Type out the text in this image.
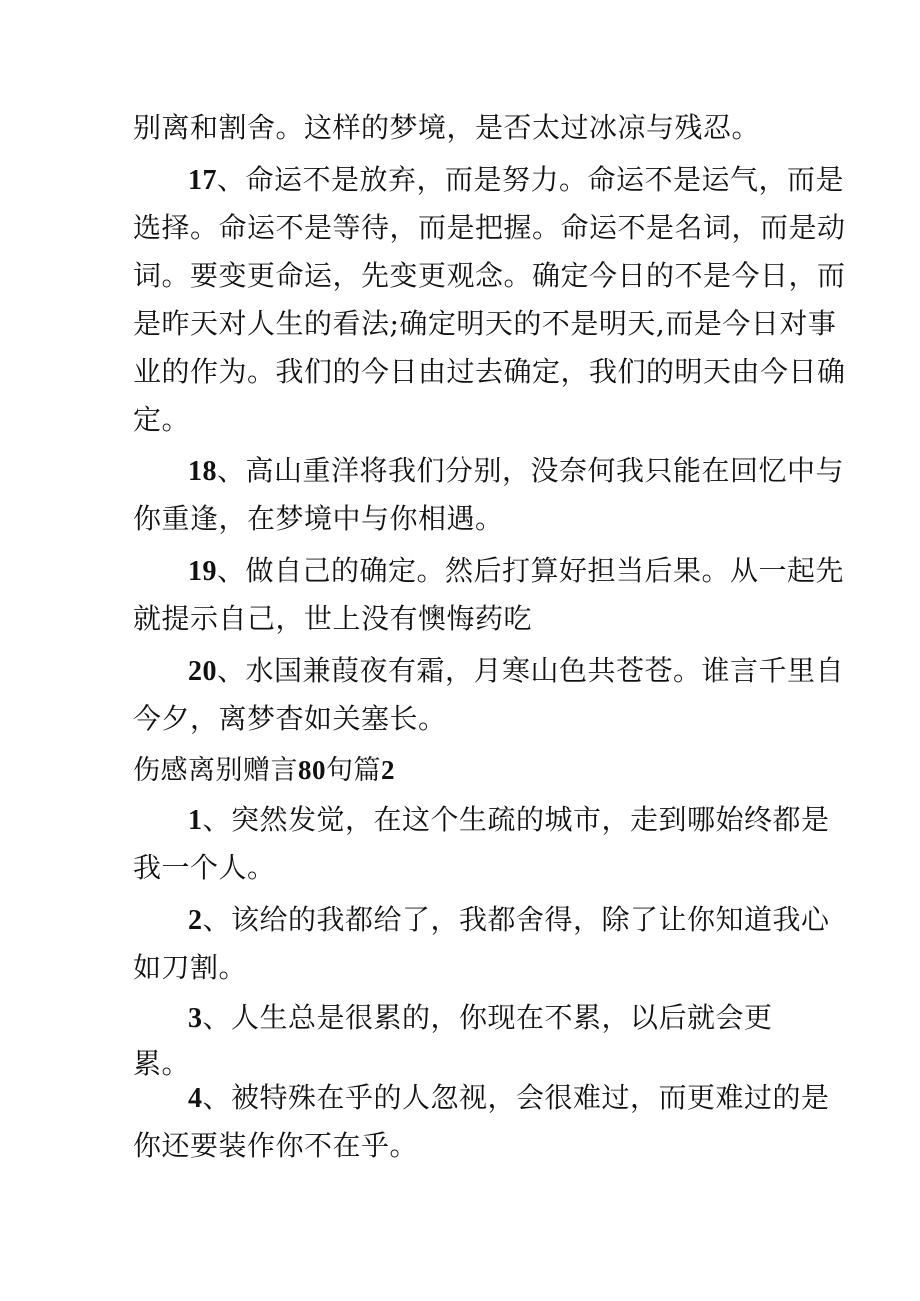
别离和割舍。这样的梦境，是否太过冰凉与残忍。
17、命运不是放弃，而是努力。命运不是运气，而是
选择。命运不是等待，而是把握。命运不是名词，而是动
词。要变更命运，先变更观念。确定今日的不是今日，而
是昨天对人生的看法;确定明天的不是明天,而是今日对事
业的作为。我们的今日由过去确定，我们的明天由今日确
定。
18、高山重洋将我们分别，没奈何我只能在回忆中与
你重逢，在梦境中与你相遇。
19、做自己的确定。然后打算好担当后果。从一起先
就提示自己，世上没有懊悔药吃
20、水国兼葭夜有霜，月寒山色共苍苍。谁言千里自
今夕，离梦杳如关塞长。
伤感离别赠言80句篇2
1、突然发觉，在这个生疏的城市，走到哪始终都是
我一个人。
2、该给的我都给了，我都舍得，除了让你知道我心
如刀割。
3、人生总是很累的，你现在不累，以后就会更
累。
4、被特殊在乎的人忽视，会很难过，而更难过的是
你还要装作你不在乎。
